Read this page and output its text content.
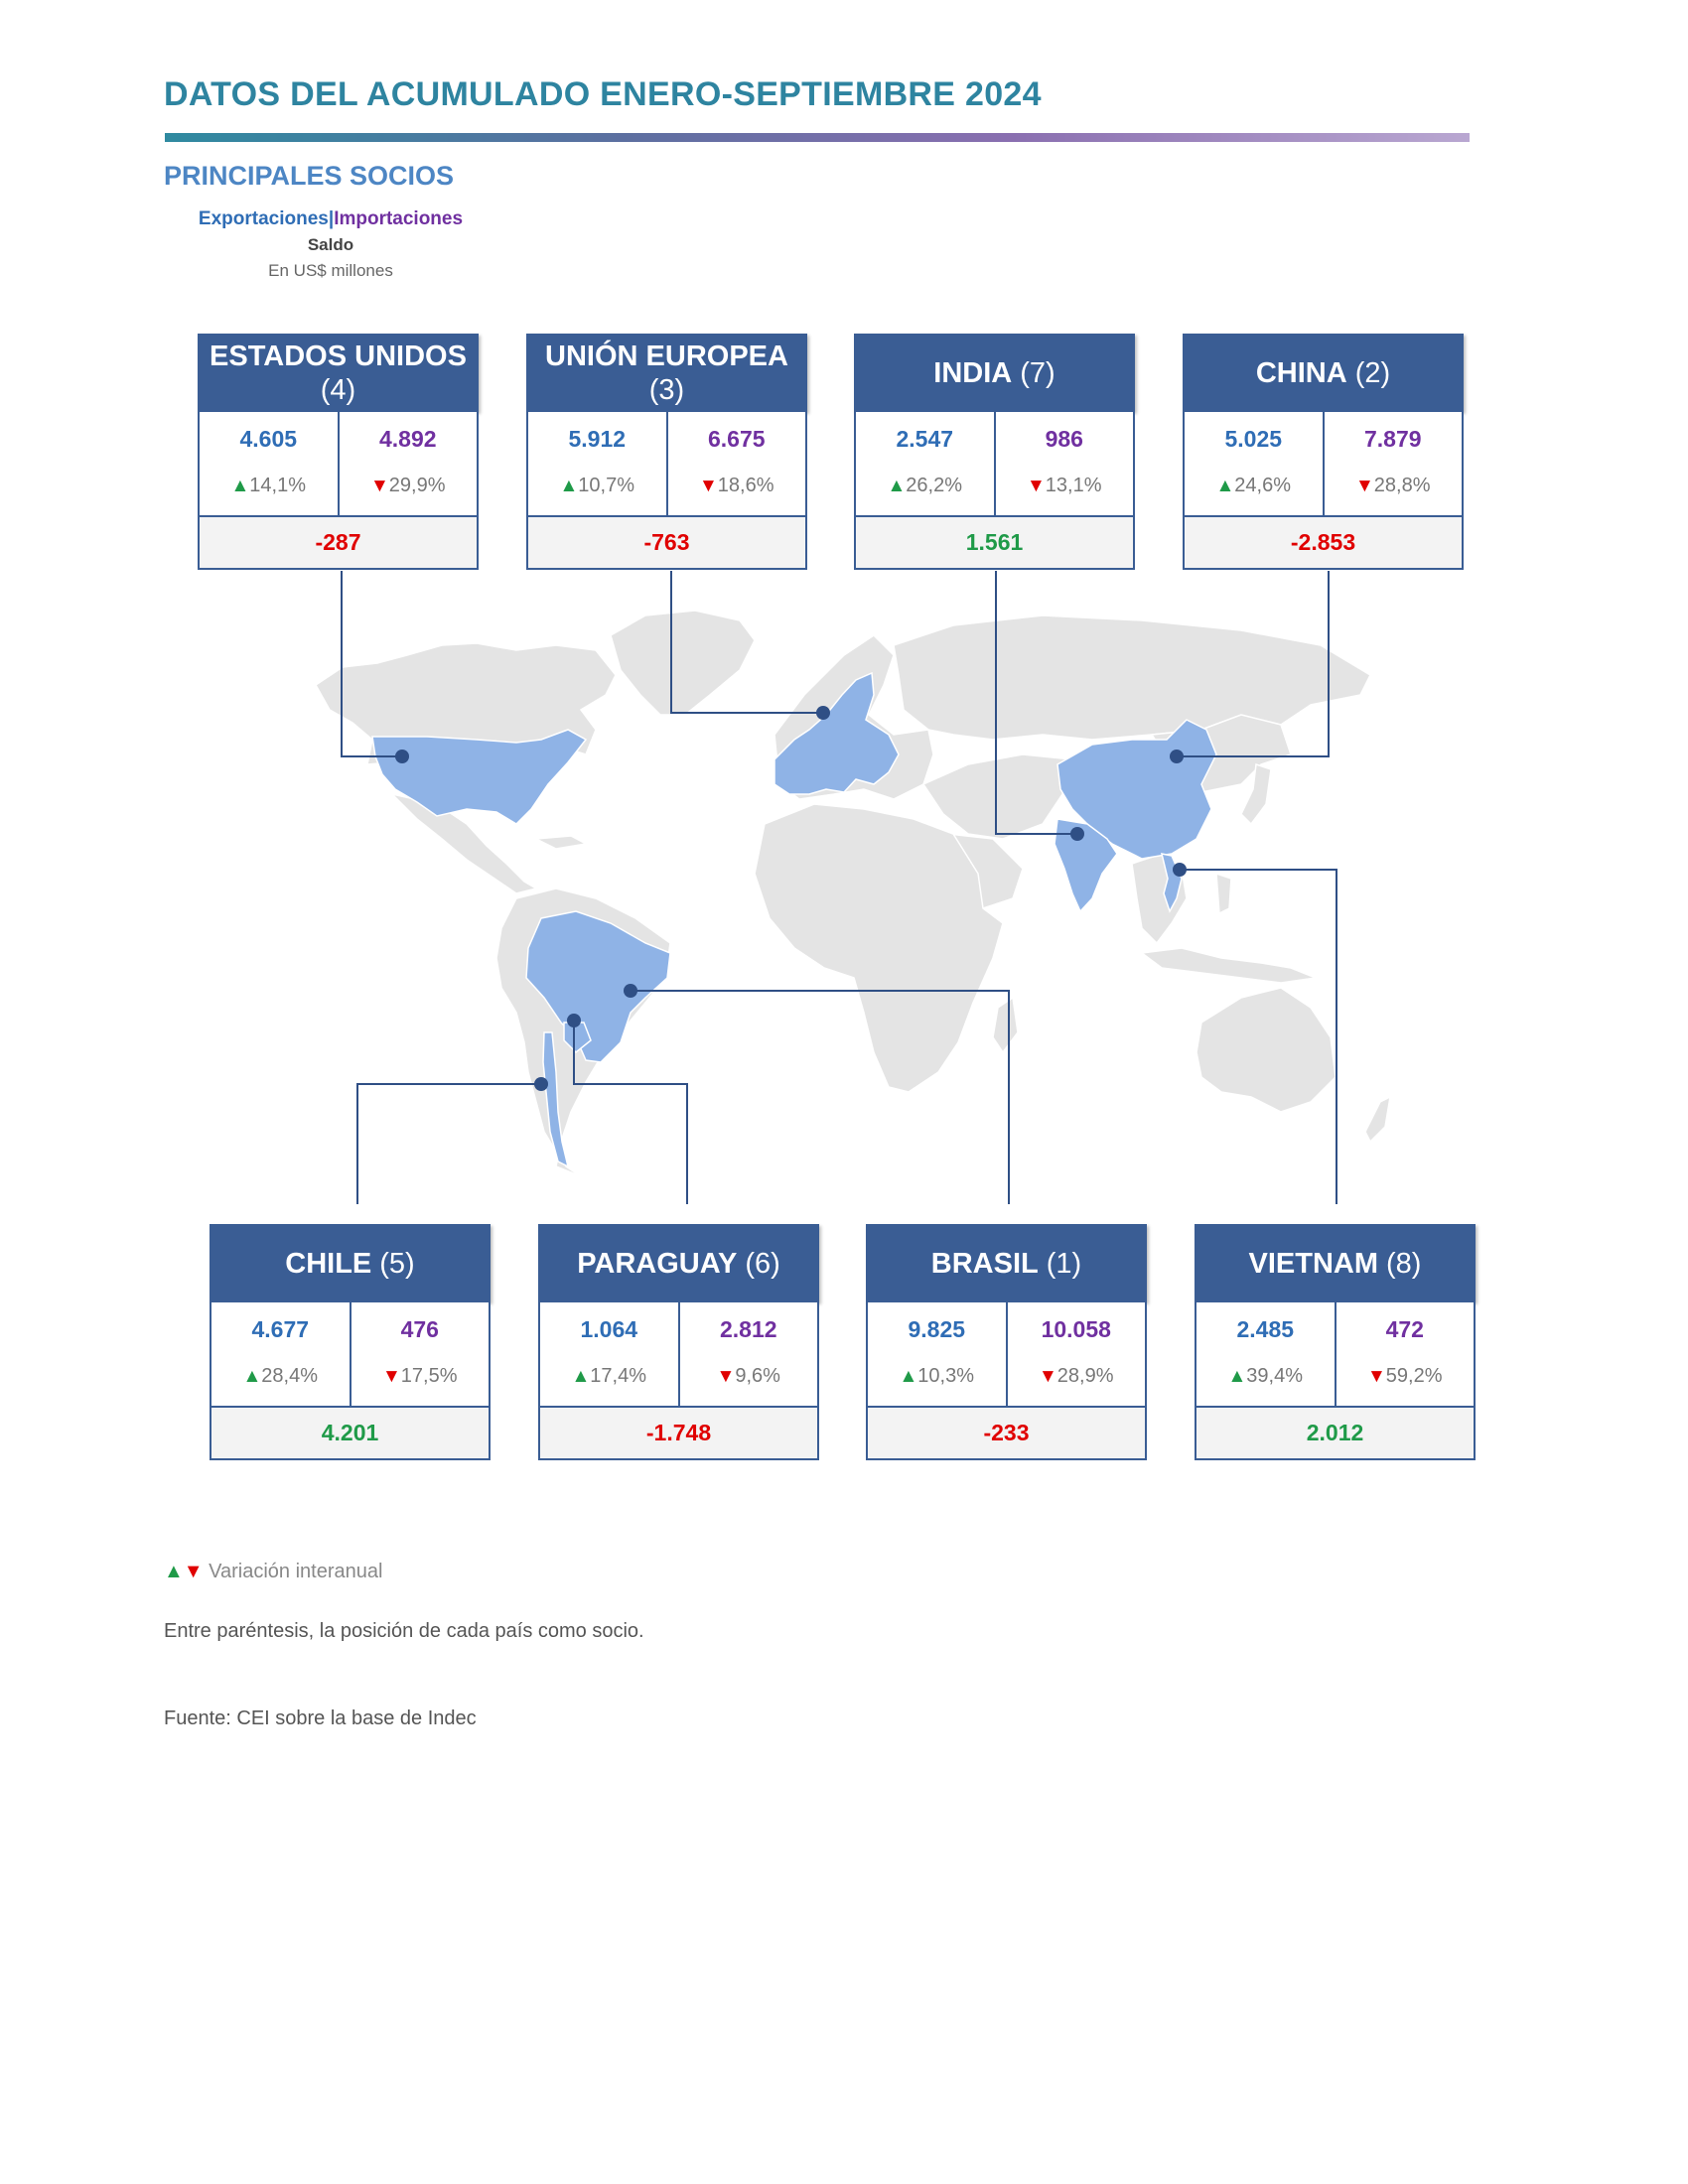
DATOS DEL ACUMULADO ENERO-SEPTIEMBRE 2024
PRINCIPALES SOCIOS
Exportaciones|Importaciones
Saldo
En US$ millones
ESTADOS UNIDOS
(4)
4.605
▲14,1%
4.892
▼29,9%
-287
UNIÓN EUROPEA
(3)
5.912
▲10,7%
6.675
▼18,6%
-763
INDIA (7)
2.547
▲26,2%
986
▼13,1%
1.561
CHINA (2)
5.025
▲24,6%
7.879
▼28,8%
-2.853
CHILE (5)
4.677
▲28,4%
476
▼17,5%
4.201
PARAGUAY (6)
1.064
▲17,4%
2.812
▼9,6%
-1.748
BRASIL (1)
9.825
▲10,3%
10.058
▼28,9%
-233
VIETNAM (8)
2.485
▲39,4%
472
▼59,2%
2.012
▲▼ Variación interanual
Entre paréntesis, la posición de cada país como socio.
Fuente: CEI sobre la base de Indec
